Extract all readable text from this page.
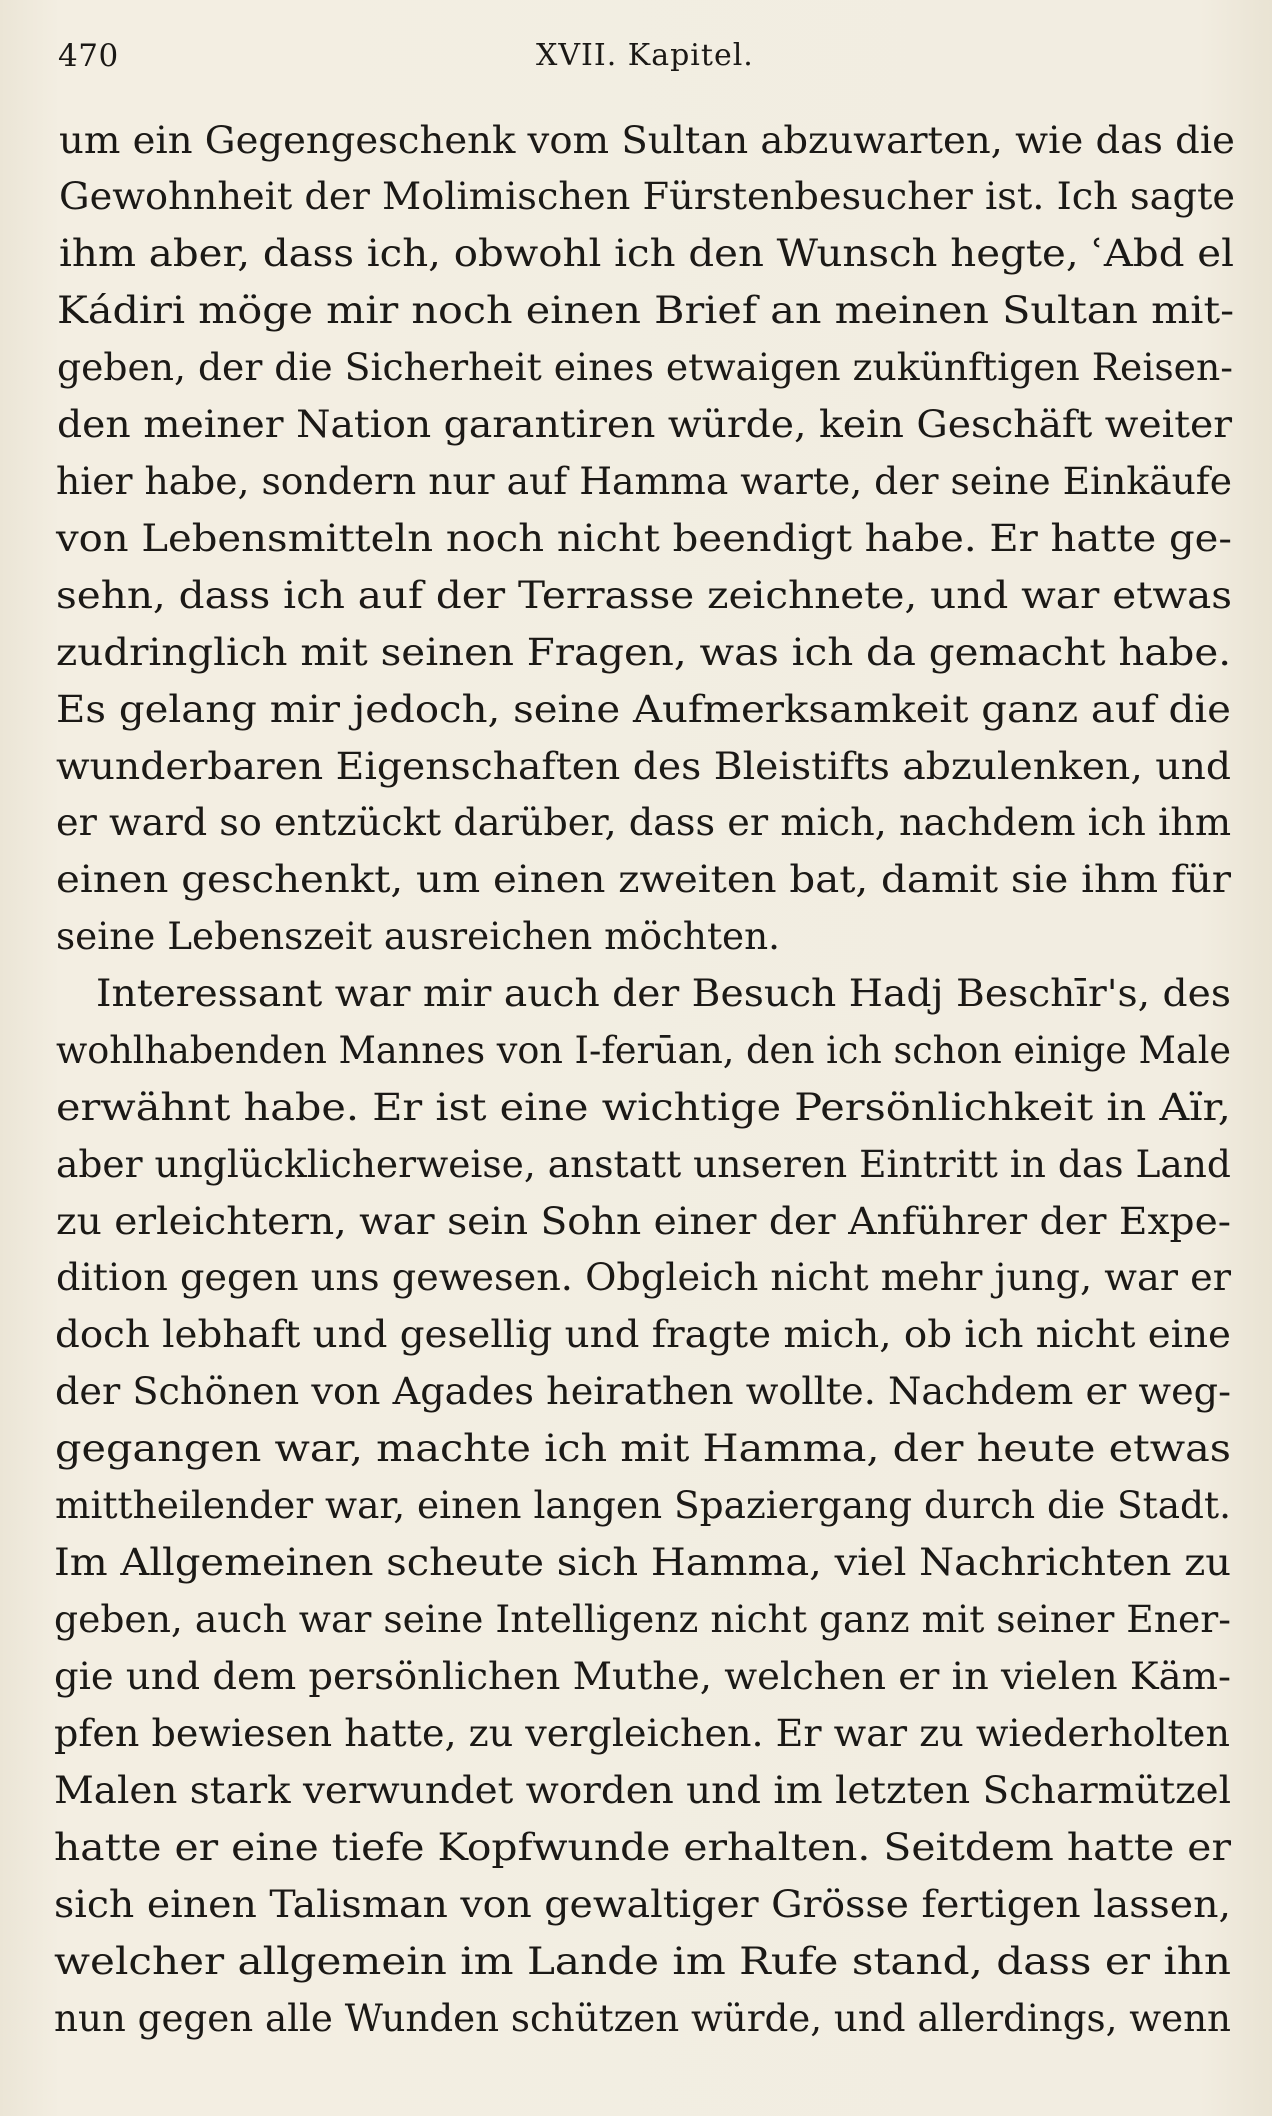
470	XVII. Kapitel.
um ein Gegengeschenk vom Sultan abzuwarten, wie das die
Gewohnheit der Molimischen Fürstenbesucher ist. Ich sagte
ihm aber, dass ich, obwohl ich den Wunsch hegte, ʿAbd el
Kádiri möge mir noch einen Brief an meinen Sultan mit-
geben, der die Sicherheit eines etwaigen zukünftigen Reisen-
den meiner Nation garantiren würde, kein Geschäft weiter
hier habe, sondern nur auf Hamma warte, der seine Einkäufe
von Lebensmitteln noch nicht beendigt habe. Er hatte ge-
sehn, dass ich auf der Terrasse zeichnete, und war etwas
zudringlich mit seinen Fragen, was ich da gemacht habe.
Es gelang mir jedoch, seine Aufmerksamkeit ganz auf die
wunderbaren Eigenschaften des Bleistifts abzulenken, und
er ward so entzückt darüber, dass er mich, nachdem ich ihm
einen geschenkt, um einen zweiten bat, damit sie ihm für
seine Lebenszeit ausreichen möchten.
Interessant war mir auch der Besuch Hadj Beschīr's, des
wohlhabenden Mannes von I-ferūan, den ich schon einige Male
erwähnt habe. Er ist eine wichtige Persönlichkeit in Aïr,
aber unglücklicherweise, anstatt unseren Eintritt in das Land
zu erleichtern, war sein Sohn einer der Anführer der Expe-
dition gegen uns gewesen. Obgleich nicht mehr jung, war er
doch lebhaft und gesellig und fragte mich, ob ich nicht eine
der Schönen von Agades heirathen wollte. Nachdem er weg-
gegangen war, machte ich mit Hamma, der heute etwas
mittheilender war, einen langen Spaziergang durch die Stadt.
Im Allgemeinen scheute sich Hamma, viel Nachrichten zu
geben, auch war seine Intelligenz nicht ganz mit seiner Ener-
gie und dem persönlichen Muthe, welchen er in vielen Käm-
pfen bewiesen hatte, zu vergleichen. Er war zu wiederholten
Malen stark verwundet worden und im letzten Scharmützel
hatte er eine tiefe Kopfwunde erhalten. Seitdem hatte er
sich einen Talisman von gewaltiger Grösse fertigen lassen,
welcher allgemein im Lande im Rufe stand, dass er ihn
nun gegen alle Wunden schützen würde, und allerdings, wenn
